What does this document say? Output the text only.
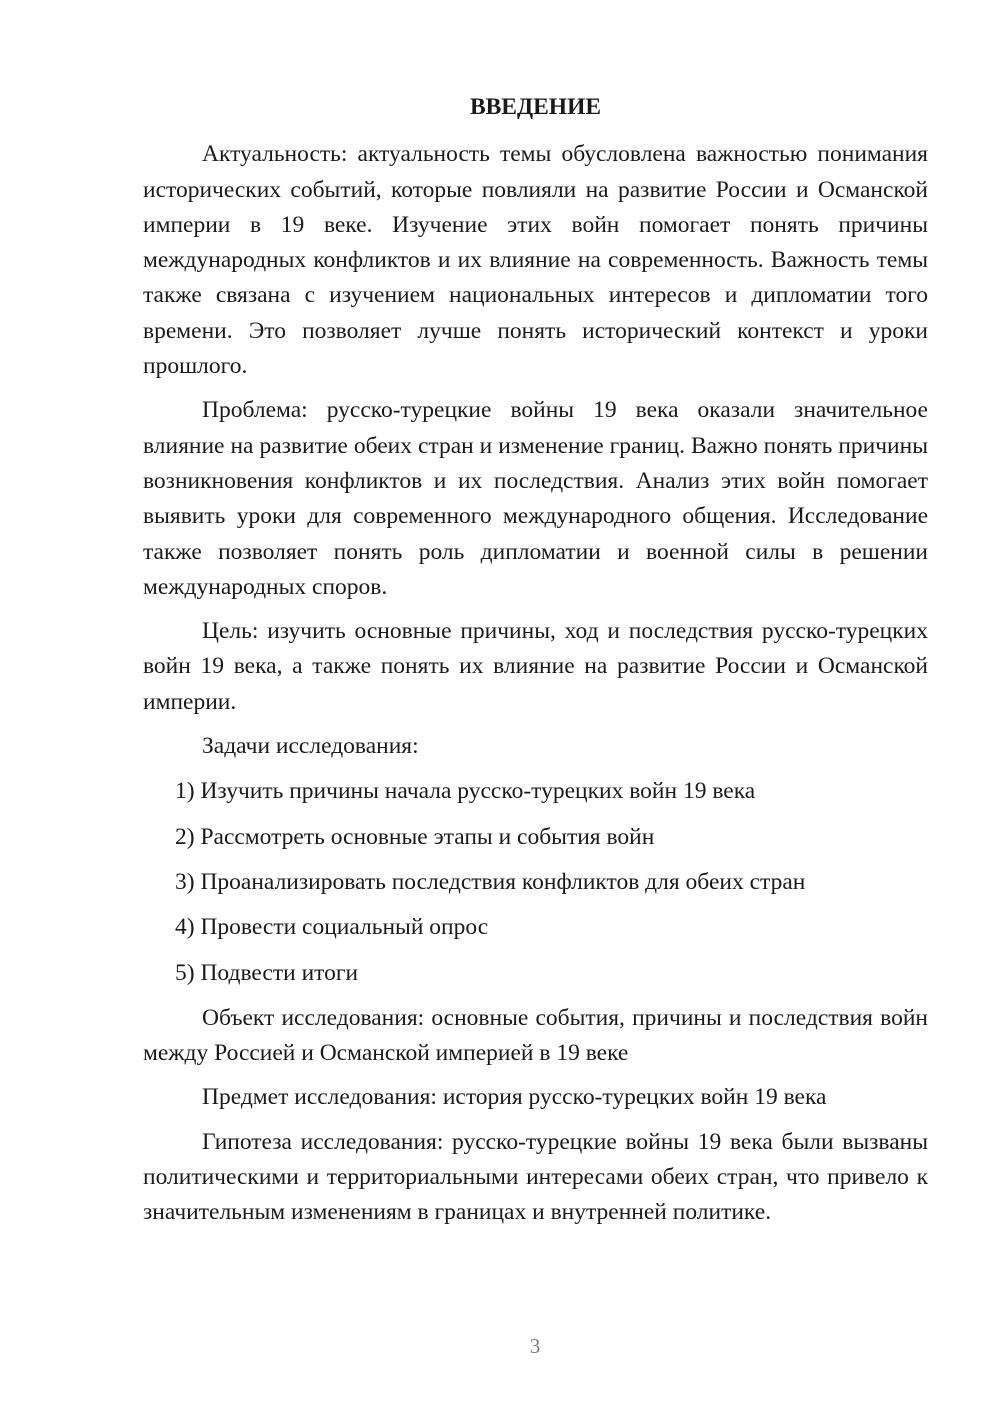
ВВЕДЕНИЕ

Актуальность: актуальность темы обусловлена важностью понимания исторических событий, которые повлияли на развитие России и Османской империи в 19 веке. Изучение этих войн помогает понять причины международных конфликтов и их влияние на современность. Важность темы также связана с изучением национальных интересов и дипломатии того времени. Это позволяет лучше понять исторический контекст и уроки прошлого.

Проблема: русско-турецкие войны 19 века оказали значительное влияние на развитие обеих стран и изменение границ. Важно понять причины возникновения конфликтов и их последствия. Анализ этих войн помогает выявить уроки для современного международного общения. Исследование также позволяет понять роль дипломатии и военной силы в решении международных споров.

Цель: изучить основные причины, ход и последствия русско-турецких войн 19 века, а также понять их влияние на развитие России и Османской империи.

Задачи исследования:

1) Изучить причины начала русско-турецких войн 19 века

2) Рассмотреть основные этапы и события войн

3) Проанализировать последствия конфликтов для обеих стран

4) Провести социальный опрос

5) Подвести итоги

Объект исследования: основные события, причины и последствия войн между Россией и Османской империей в 19 веке

Предмет исследования: история русско-турецких войн 19 века

Гипотеза исследования: русско-турецкие войны 19 века были вызваны политическими и территориальными интересами обеих стран, что привело к значительным изменениям в границах и внутренней политике.

3
